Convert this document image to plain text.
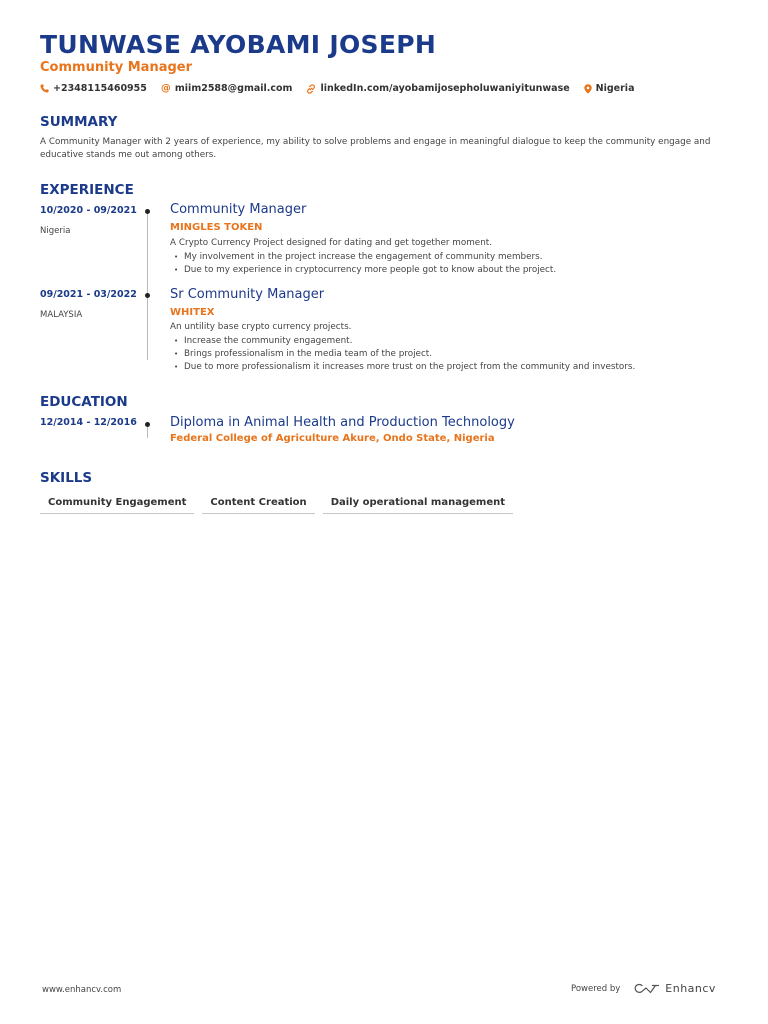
TUNWASE AYOBAMI JOSEPH
Community Manager
+2348115460955 @ miim2588@gmail.com	linkedIn.com/ayobamijosepholuwaniyitunwase	Nigeria
SUMMARY
A Community Manager with 2 years of experience, my ability to solve problems and engage in meaningful dialogue to keep the community engage and educative stands me out among others.
EXPERIENCE
10/2020 - 09/2021
Nigeria
Community Manager
MINGLES TOKEN
A Crypto Currency Project designed for dating and get together moment.
• My involvement in the project increase the engagement of community members.
• Due to my experience in cryptocurrency more people got to know about the project.
09/2021 - 03/2022
MALAYSIA
Sr Community Manager
WHITEX
An untility base crypto currency projects.
• Increase the community engagement.
• Brings professionalism in the media team of the project.
• Due to more professionalism it increases more trust on the project from the community and investors.
EDUCATION
12/2014 - 12/2016	Diploma in Animal Health and Production Technology
Federal College of Agriculture Akure, Ondo State, Nigeria
SKILLS
Community Engagement	Content Creation	Daily operational management
www.enhancv.com	Powered by	Enhancv
